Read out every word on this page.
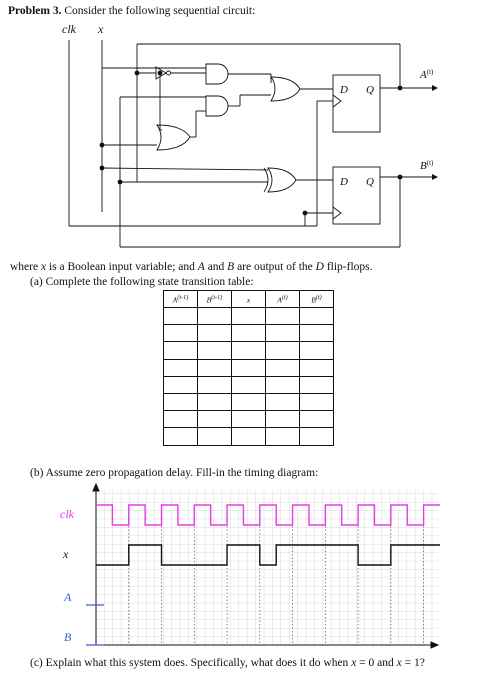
Problem 3. Consider the following sequential circuit:
clk x
D Q
D Q
$A^{(t)}$
$B^{(t)}$
where x is a Boolean input variable; and A and B are output of the D flip-flops.
(a) Complete the following state transition table:
$A^{(t-1)}$	$B^{(t-1)}$	x	$A^{(t)}$	$B^{(t)}$

(b) Assume zero propagation delay. Fill-in the timing diagram:
clk
x
A
B
(c) Explain what this system does. Specifically, what does it do when x = 0 and x = 1?
